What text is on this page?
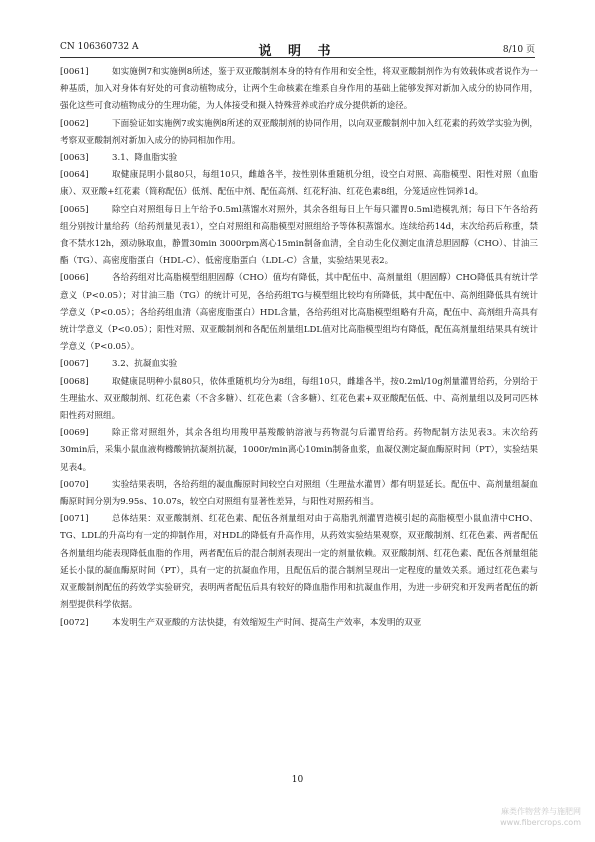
CN 106360732 A	说 明 书	8/10 页

[0061]	如实施例7和实施例8所述，鉴于双亚酸制剂本身的特有作用和安全性，将双亚酸制剂作为有效载体或者说作为一种基质，加入对身体有好处的可食动植物成分，让两个生命核素在维系自身作用的基础上能够发挥对新加入成分的协同作用，强化这些可食动植物成分的生理功能，为人体接受和摄入特殊营养或治疗成分提供新的途径。

[0062]	下面验证如实施例7或实施例8所述的双亚酸制剂的协同作用，以向双亚酸制剂中加入红花素的药效学实验为例，考察双亚酸制剂对新加入成分的协同相加作用。

[0063]	3.1、降血脂实验

[0064]	取健康昆明小鼠80只，每组10只，雌雄各半，按性别体重随机分组，设空白对照、高脂模型、阳性对照（血脂康）、双亚酸+红花素（简称配伍）低剂、配伍中剂、配伍高剂、红花籽油、红花色素8组，分笼适应性饲养1d。

[0065]	除空白对照组每日上午给予0.5ml蒸馏水对照外，其余各组每日上午每只灌胃0.5ml造模乳剂；每日下午各给药组分别按计量给药（给药剂量见表1），空白对照组和高脂模型对照组给予等体积蒸馏水。连续给药14d，末次给药后称重，禁食不禁水12h，颈动脉取血，静置30min 3000rpm离心15min制备血清，全自动生化仪测定血清总胆固醇（CHO）、甘油三酯（TG）、高密度脂蛋白（HDL-C）、低密度脂蛋白（LDL-C）含量，实验结果见表2。

[0066]	各给药组对比高脂模型组胆固醇（CHO）值均有降低，其中配伍中、高剂量组（胆固醇）CHO降低具有统计学意义（P<0.05）；对甘油三脂（TG）的统计可见，各给药组TG与模型组比较均有所降低，其中配伍中、高剂组降低具有统计学意义（P<0.05）；各给药组血清（高密度脂蛋白）HDL含量，各给药组对比高脂模型组略有升高，配伍中、高剂组升高具有统计学意义（P<0.05）；阳性对照、双亚酸制剂和各配伍剂量组LDL值对比高脂模型组均有降低，配伍高剂量组结果具有统计学意义（P<0.05）。

[0067]	3.2、抗凝血实验

[0068]	取健康昆明种小鼠80只，依体重随机均分为8组，每组10只，雌雄各半，按0.2ml/10g剂量灌胃给药，分别给于生理盐水、双亚酸制剂、红花色素（不含多糖）、红花色素（含多糖）、红花色素+双亚酸配伍低、中、高剂量组以及阿司匹林阳性药对照组。

[0069]	除正常对照组外，其余各组均用羧甲基羧酸钠溶液与药物混匀后灌胃给药。药物配制方法见表3。末次给药30min后，采集小鼠血液枸橼酸钠抗凝剂抗凝，1000r/min离心10min制备血浆，血凝仪测定凝血酶原时间（PT），实验结果见表4。

[0070]	实验结果表明，各给药组的凝血酶原时间较空白对照组（生理盐水灌胃）都有明显延长。配伍中、高剂量组凝血酶原时间分别为9.95s、10.07s，较空白对照组有显著性差异，与阳性对照药相当。

[0071]	总体结果：双亚酸制剂、红花色素、配伍各剂量组对由于高脂乳剂灌胃造模引起的高脂模型小鼠血清中CHO、TG、LDL的升高均有一定的抑制作用，对HDL的降低有升高作用，从药效实验结果观察，双亚酸制剂、红花色素、两者配伍各剂量组均能表现降低血脂的作用，两者配伍后的混合制剂表现出一定的剂量依赖。双亚酸制剂、红花色素、配伍各剂量组能延长小鼠的凝血酶原时间（PT），具有一定的抗凝血作用，且配伍后的混合制剂呈现出一定程度的量效关系。通过红花色素与双亚酸制剂配伍的药效学实验研究，表明两者配伍后具有较好的降血脂作用和抗凝血作用，为进一步研究和开发两者配伍的新剂型提供科学依据。

[0072]	本发明生产双亚酸的方法快捷，有效缩短生产时间、提高生产效率，本发明的双亚

10
麻类作物营养与施肥网
www.fibercrops.com
